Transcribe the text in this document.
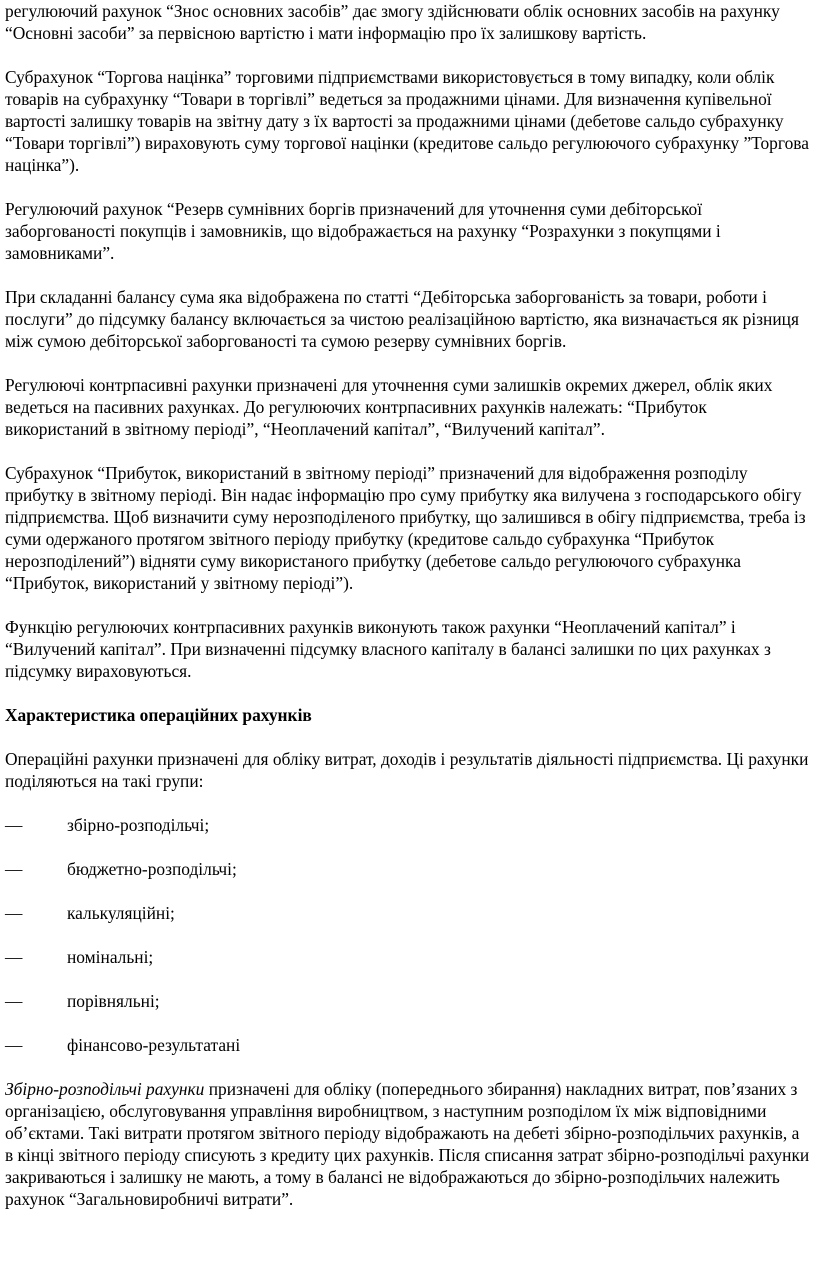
регулюючий рахунок “Знос основних засобів” дає змогу здійснювати облік основних засобів на рахунку “Основні засоби” за первісною вартістю і мати інформацію про їх залишкову вартість.

Субрахунок “Торгова націнка” торговими підприємствами використовується в тому випадку, коли облік товарів на субрахунку “Товари в торгівлі” ведеться за продажними цінами. Для визначення купівельної вартості залишку товарів на звітну дату з їх вартості за продажними цінами (дебетове сальдо субрахунку “Товари торгівлі”) вираховують суму торгової націнки (кредитове сальдо регулюючого субрахунку ”Торгова націнка”).

Регулюючий рахунок “Резерв сумнівних боргів призначений для уточнення суми дебіторської заборгованості покупців і замовників, що відображається на рахунку “Розрахунки з покупцями і замовниками”.

При складанні балансу сума яка відображена по статті “Дебіторська заборгованість за товари, роботи і послуги” до підсумку балансу включається за чистою реалізаційною вартістю, яка визначається як різниця між сумою дебіторської заборгованості та сумою резерву сумнівних боргів.

Регулюючі контрпасивні рахунки призначені для уточнення суми залишків окремих джерел, облік яких ведеться на пасивних рахунках. До регулюючих контрпасивних рахунків належать: “Прибуток використаний в звітному періоді”, “Неоплачений капітал”, “Вилучений капітал”.

Субрахунок “Прибуток, використаний в звітному періоді” призначений для відображення розподілу прибутку в звітному періоді. Він надає інформацію про суму прибутку яка вилучена з господарського обігу підприємства. Щоб визначити суму нерозподіленого прибутку, що залишився в обігу підприємства, треба із суми одержаного протягом звітного періоду прибутку (кредитове сальдо субрахунка “Прибуток нерозподілений”) відняти суму використаного прибутку (дебетове сальдо регулюючого субрахунка “Прибуток, використаний у звітному періоді”).

Функцію регулюючих контрпасивних рахунків виконують також рахунки “Неоплачений капітал” і “Вилучений капітал”. При визначенні підсумку власного капіталу в балансі залишки по цих рахунках з підсумку вираховуються.

Характеристика операційних рахунків

Операційні рахунки призначені для обліку витрат, доходів і результатів діяльності підприємства. Ці рахунки поділяються на такі групи:

—	збірно-розподільчі;
—	бюджетно-розподільчі;
—	калькуляційні;
—	номінальні;
—	порівняльні;
—	фінансово-результатані

Збірно-розподільчі рахунки призначені для обліку (попереднього збирання) накладних витрат, пов’язаних з організацією, обслуговування управління виробництвом, з наступним розподілом їх між відповідними об’єктами. Такі витрати протягом звітного періоду відображають на дебеті збірно-розподільчих рахунків, а в кінці звітного періоду списують з кредиту цих рахунків. Після списання затрат збірно-розподільчі рахунки закриваються і залишку не мають, а тому в балансі не відображаються до збірно-розподільчих належить рахунок “Загальновиробничі витрати”.
